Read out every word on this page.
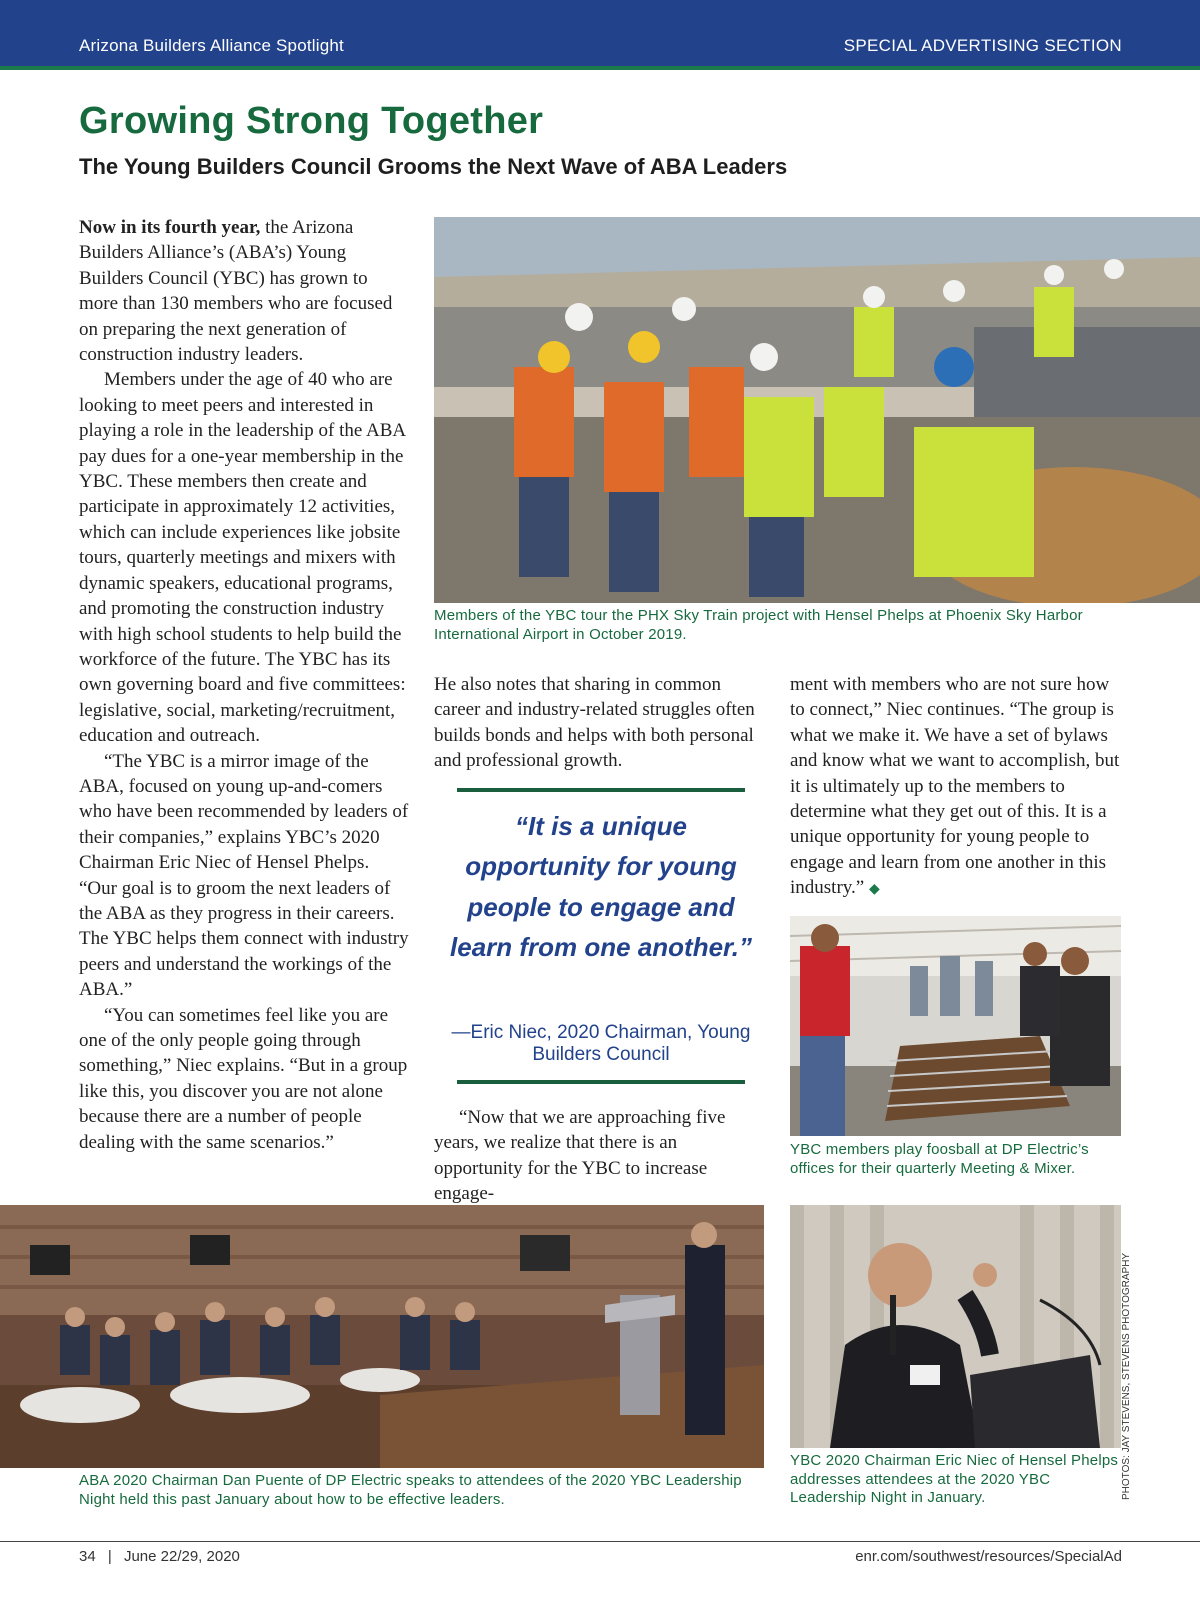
Arizona Builders Alliance Spotlight	SPECIAL ADVERTISING SECTION
Growing Strong Together
The Young Builders Council Grooms the Next Wave of ABA Leaders

Now in its fourth year, the Arizona Builders Alliance’s (ABA’s) Young Builders Council (YBC) has grown to more than 130 members who are focused on preparing the next generation of construction industry leaders.

Members under the age of 40 who are looking to meet peers and interested in playing a role in the leadership of the ABA pay dues for a one-year membership in the YBC. These members then create and participate in approximately 12 activities, which can include experiences like jobsite tours, quarterly meetings and mixers with dynamic speakers, educational programs, and promoting the construction industry with high school students to help build the workforce of the future. The YBC has its own governing board and five committees: legislative, social, marketing/recruitment, education and outreach.

“The YBC is a mirror image of the ABA, focused on young up-and-comers who have been recommended by leaders of their companies,” explains YBC’s 2020 Chairman Eric Niec of Hensel Phelps. “Our goal is to groom the next leaders of the ABA as they progress in their careers. The YBC helps them connect with industry peers and understand the workings of the ABA.”

“You can sometimes feel like you are one of the only people going through something,” Niec explains. “But in a group like this, you discover you are not alone because there are a number of people dealing with the same scenarios.”

Members of the YBC tour the PHX Sky Train project with Hensel Phelps at Phoenix Sky Harbor International Airport in October 2019.

He also notes that sharing in common career and industry-related struggles often builds bonds and helps with both personal and professional growth.

“It is a unique opportunity for young people to engage and learn from one another.”
—Eric Niec, 2020 Chairman, Young Builders Council

“Now that we are approaching five years, we realize that there is an opportunity for the YBC to increase engage-

ment with members who are not sure how to connect,” Niec continues. “The group is what we make it. We have a set of bylaws and know what we want to accomplish, but it is ultimately up to the members to determine what they get out of this. It is a unique opportunity for young people to engage and learn from one another in this industry.” ◆

YBC members play foosball at DP Electric’s offices for their quarterly Meeting & Mixer.
ABA 2020 Chairman Dan Puente of DP Electric speaks to attendees of the 2020 YBC Leadership Night held this past January about how to be effective leaders.
YBC 2020 Chairman Eric Niec of Hensel Phelps addresses attendees at the 2020 YBC Leadership Night in January.	PHOTOS: JAY STEVENS, STEVENS PHOTOGRAPHY
34 | June 22/29, 2020	enr.com/southwest/resources/SpecialAd
